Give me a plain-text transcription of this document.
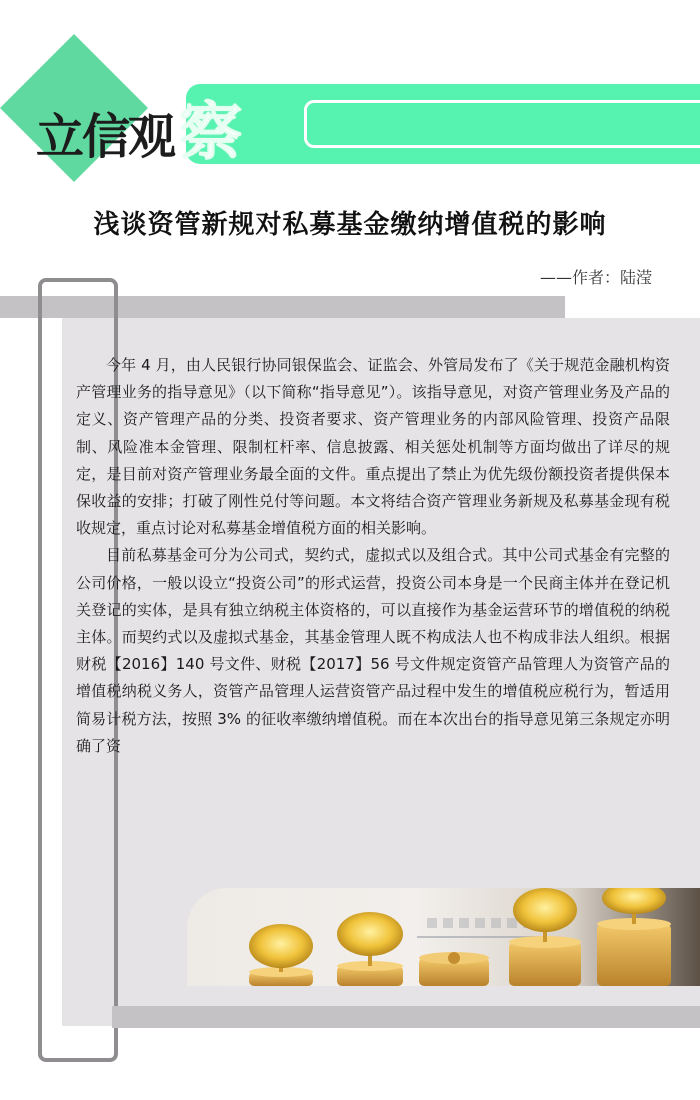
立信观察
浅谈资管新规对私募基金缴纳增值税的影响
——作者：陆滢

今年 4 月，由人民银行协同银保监会、证监会、外管局发布了《关于规范金融机构资产管理业务的指导意见》（以下简称“指导意见”）。该指导意见，对资产管理业务及产品的定义、资产管理产品的分类、投资者要求、资产管理业务的内部风险管理、投资产品限制、风险准本金管理、限制杠杆率、信息披露、相关惩处机制等方面均做出了详尽的规定，是目前对资产管理业务最全面的文件。重点提出了禁止为优先级份额投资者提供保本保收益的安排；打破了刚性兑付等问题。本文将结合资产管理业务新规及私募基金现有税收规定，重点讨论对私募基金增值税方面的相关影响。

目前私募基金可分为公司式，契约式，虚拟式以及组合式。其中公司式基金有完整的公司价格，一般以设立“投资公司”的形式运营，投资公司本身是一个民商主体并在登记机关登记的实体，是具有独立纳税主体资格的，可以直接作为基金运营环节的增值税的纳税主体。而契约式以及虚拟式基金，其基金管理人既不构成法人也不构成非法人组织。根据财税【2016】140 号文件、财税【2017】56 号文件规定资管产品管理人为资管产品的增值税纳税义务人，资管产品管理人运营资管产品过程中发生的增值税应税行为，暂适用简易计税方法，按照 3% 的征收率缴纳增值税。而在本次出台的指导意见第三条规定亦明确了资
